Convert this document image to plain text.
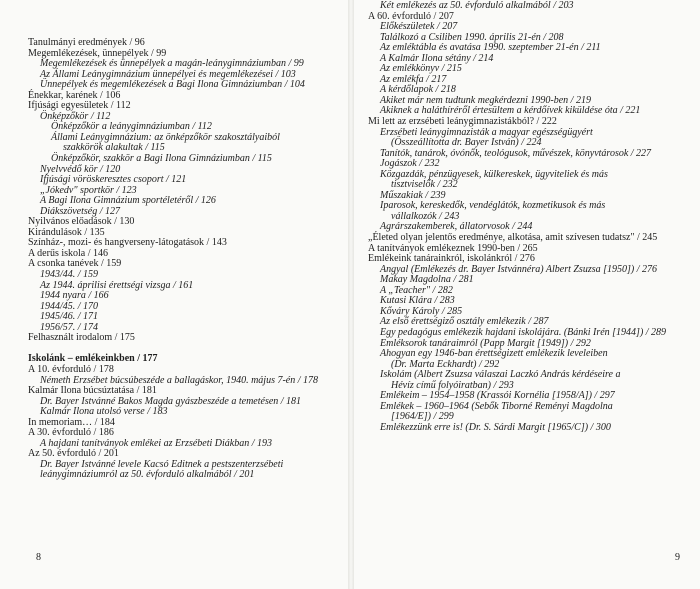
Tanulmányi eredmények / 96
Megemlékezések, ünnepélyek / 99
Megemlékezések és ünnepélyek a magán-leánygimnáziumban / 99
Az Állami Leánygimnázium ünnepélyei és megemlékezései / 103
Ünnepélyek és megemlékezések a Bagi Ilona Gimnáziumban / 104
Énekkar, karének / 106
Ifjúsági egyesületek / 112
Önképzőkör / 112
Önképzőkör a leánygimnáziumban / 112
Állami Leánygimnázium: az önképzőkör szakosztályaiból
szakkörök alakultak / 115
Önképzőkör, szakkör a Bagi Ilona Gimnáziumban / 115
Nyelvvédő kör / 120
Ifjúsági vöröskeresztes csoport / 121
„Jókedv" sportkör / 123
A Bagi Ilona Gimnázium sportéletéről / 126
Diákszövetség / 127
Nyilvános előadások / 130
Kirándulások / 135
Színház-, mozi- és hangverseny-látogatások / 143
A derűs iskola / 146
A csonka tanévek / 159
1943/44. / 159
Az 1944. áprilisi érettségi vizsga / 161
1944 nyara / 166
1944/45. / 170
1945/46. / 171
1956/57. / 174
Felhasznált irodalom / 175
Iskolánk – emlékeinkben / 177
A 10. évforduló / 178
Németh Erzsébet búcsúbeszéde a ballagáskor, 1940. május 7-én / 178
Kalmár Ilona búcsúztatása / 181
Dr. Bayer Istvánné Bakos Magda gyászbeszéde a temetésen / 181
Kalmár Ilona utolsó verse / 183
In memoriam… / 184
A 30. évforduló / 186
A hajdani tanítványok emlékei az Erzsébeti Diákban / 193
Az 50. évforduló / 201
Dr. Bayer Istvánné levele Kacsó Editnek a pestszenterzsébeti
leánygimnáziumról az 50. évforduló alkalmából / 201
8
Két emlékezés az 50. évforduló alkalmából / 203
A 60. évforduló / 207
Előkészületek / 207
Találkozó a Csiliben 1990. április 21-én / 208
Az emléktábla és avatása 1990. szeptember 21-én / 211
A Kalmár Ilona sétány / 214
Az emlékkönyv / 215
Az emlékfa / 217
A kérdőlapok / 218
Akiket már nem tudtunk megkérdezni 1990-ben / 219
Akiknek a haláthíréről értesültem a kérdőívek kiküldése óta / 221
Mi lett az erzsébeti leánygimnazistákból? / 222
Erzsébeti leánygimnazisták a magyar egészségügyért
(Összeállította dr. Bayer István) / 224
Tanítók, tanárok, óvónők, teológusok, művészek, könyvtárosok / 227
Jogászok / 232
Közgazdák, pénzügyesek, külkereskek, ügyviteliek és más
tisztviselők / 232
Műszakiak / 239
Iparosok, kereskedők, vendéglátók, kozmetikusok és más
vállalkozók / 243
Agrárszakemberek, állatorvosok / 244
„Életed olyan jelentős eredménye, alkotása, amit szívesen tudatsz" / 245
A tanítványok emlékeznek 1990-ben / 265
Emlékeink tanárainkról, iskolánkról / 276
Angyal (Emlékezés dr. Bayer Istvánnéra) Albert Zsuzsa [1950]) / 276
Makay Magdolna / 281
A „Teacher" / 282
Kutasi Klára / 283
Kőváry Károly / 285
Az első érettségiző osztály emlékezik / 287
Egy pedagógus emlékezik hajdani iskolájára. (Bánki Irén [1944]) / 289
Emléksorok tanáraimról (Papp Margit [1949]) / 292
Ahogyan egy 1946-ban érettségizett emlékezik leveleiben
(Dr. Marta Eckhardt) / 292
Iskolám (Albert Zsuzsa válaszai Laczkó András kérdéseire a
Hévíz című folyóiratban) / 293
Emlékeim – 1954–1958 (Krassói Kornélia [1958/A]) / 297
Emlékek – 1960–1964 (Sebők Tiborné Reményi Magdolna
[1964/E]) / 299
Emlékezzünk erre is! (Dr. S. Sárdi Margit [1965/C]) / 300
9
